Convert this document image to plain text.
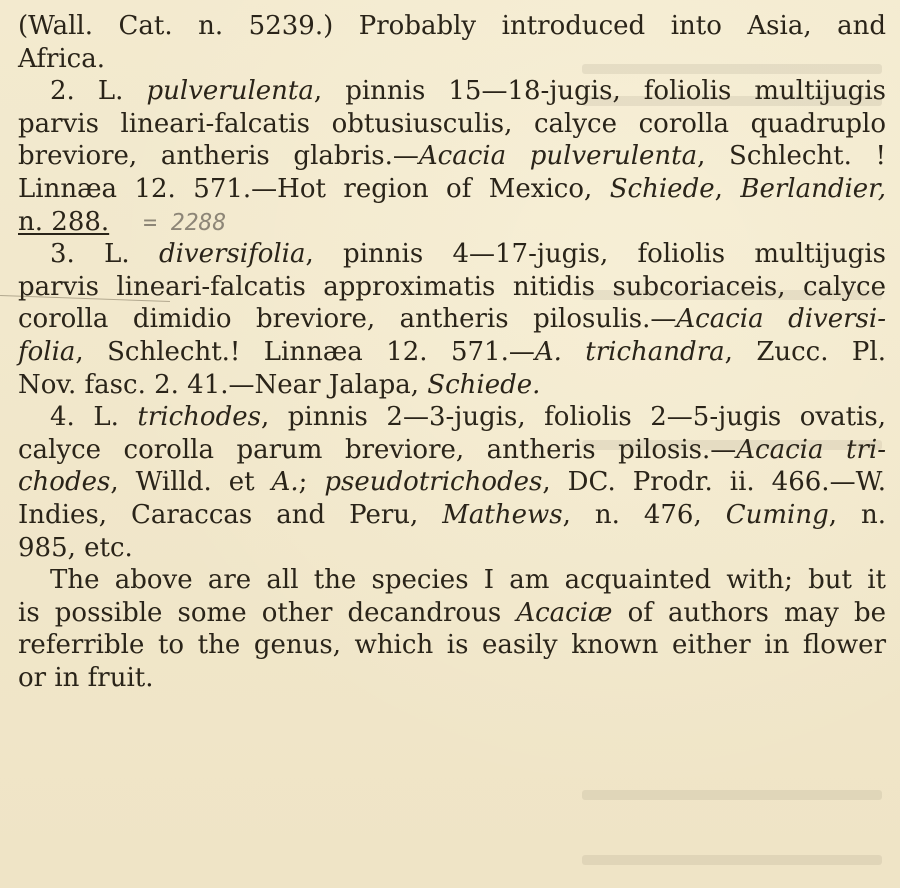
(Wall. Cat. n. 5239.) Probably introduced into Asia, and
Africa.
2. L. pulverulenta, pinnis 15—18-jugis, foliolis multijugis
parvis lineari-falcatis obtusiusculis, calyce corolla quadruplo
breviore, antheris glabris.—Acacia pulverulenta, Schlecht. !
Linnæa 12. 571.—Hot region of Mexico, Schiede, Berlandier,
n. 288. = 2288
3. L. diversifolia, pinnis 4—17-jugis, foliolis multijugis
parvis lineari-falcatis approximatis nitidis subcoriaceis, calyce
corolla dimidio breviore, antheris pilosulis.—Acacia diversi-
folia, Schlecht.! Linnæa 12. 571.—A. trichandra, Zucc. Pl.
Nov. fasc. 2. 41.—Near Jalapa, Schiede.
4. L. trichodes, pinnis 2—3-jugis, foliolis 2—5-jugis ovatis,
calyce corolla parum breviore, antheris pilosis.—Acacia tri-
chodes, Willd. et A.; pseudotrichodes, DC. Prodr. ii. 466.—W.
Indies, Caraccas and Peru, Mathews, n. 476, Cuming, n.
985, etc.
The above are all the species I am acquainted with; but it
is possible some other decandrous Acaciæ of authors may be
referrible to the genus, which is easily known either in flower
or in fruit.
